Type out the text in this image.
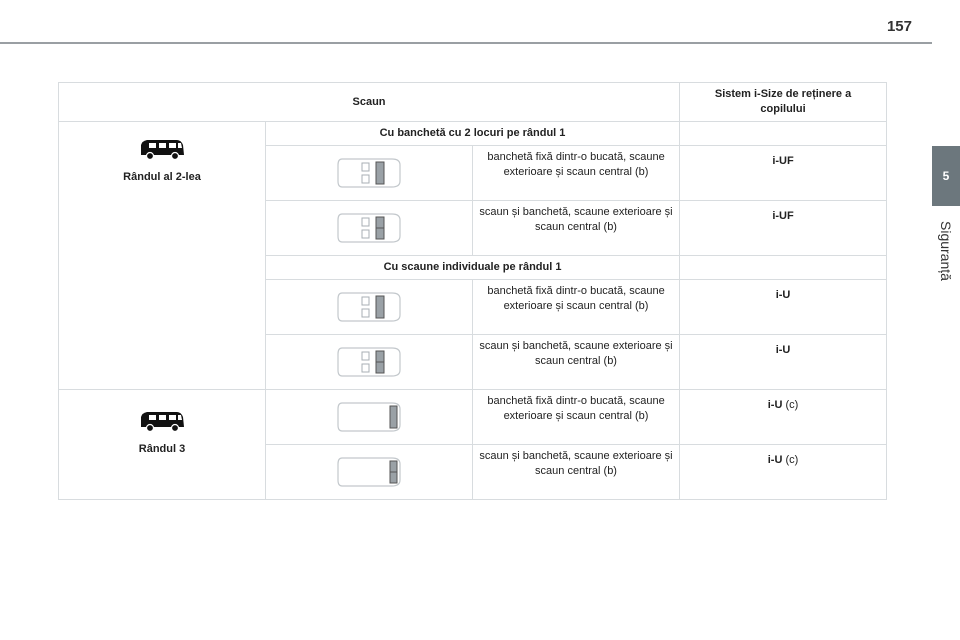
157
5
Siguranță
Scaun			Sistem i-Size de reținere a copilului

Rândul al 2-lea	Cu banchetă cu 2 locuri pe rândul 1		

	banchetă fixă dintr-o bucată, scaune exterioare și scaun central (b)	i-UF

	scaun și banchetă, scaune exterioare și scaun central (b)	i-UF
	Cu scaune individuale pe rândul 1		

	banchetă fixă dintr-o bucată, scaune exterioare și scaun central (b)	i-U

	scaun și banchetă, scaune exterioare și scaun central (b)	i-U

Rândul 3		banchetă fixă dintr-o bucată, scaune exterioare și scaun central (b)	i-U (c)

	scaun și banchetă, scaune exterioare și scaun central (b)	i-U (c)
